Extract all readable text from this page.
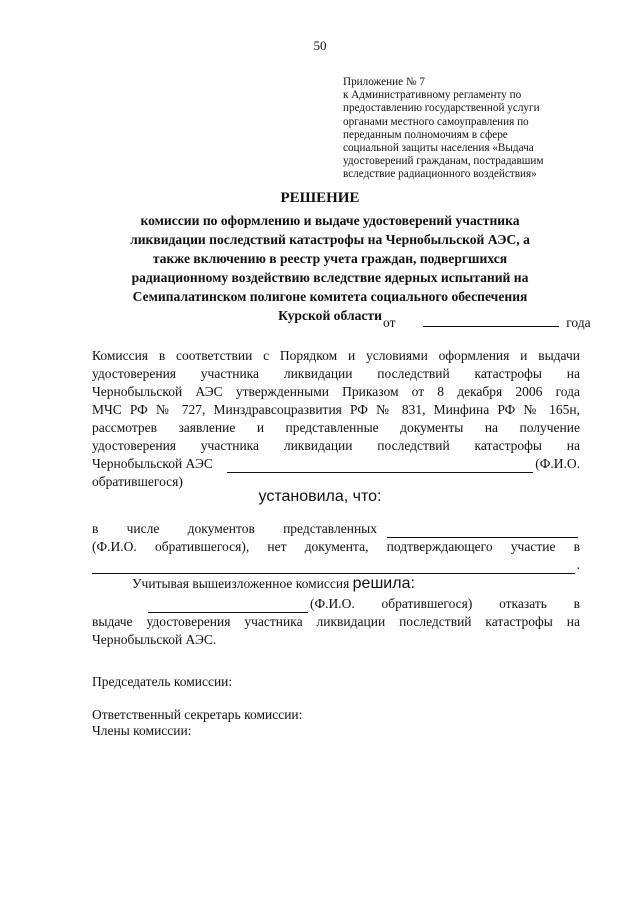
50
Приложение № 7
к Административному регламенту по
предоставлению государственной услуги
органами местного самоуправления по
переданным полномочиям в сфере
социальной защиты населения «Выдача
удостоверений гражданам, пострадавшим
вследствие радиационного воздействия»
РЕШЕНИЕ
комиссии по оформлению и выдаче удостоверений участника
ликвидации последствий катастрофы на Чернобыльской АЭС, а
также включению в реестр учета граждан, подвергшихся
радиационному воздействию вследствие ядерных испытаний на
Семипалатинском полигоне комитета социального обеспечения
Курской области от	года
Комиссия в соответствии с Порядком и условиями оформления и выдачи
удостоверения участника ликвидации последствий катастрофы на
Чернобыльской АЭС утвержденными Приказом от 8 декабря 2006 года
МЧС РФ № 727, Минздравсоцразвития РФ № 831, Минфина РФ № 165н,
рассмотрев заявление и представленные документы на получение
удостоверения участника ликвидации последствий катастрофы на
Чернобыльской АЭС	(Ф.И.О.
обратившегося)
установила, что:
в числе документов представленных
(Ф.И.О. обратившегося), нет документа, подтверждающего участие в
.
Учитывая вышеизложенное комиссия решила:
(Ф.И.О. обратившегося) отказать в
выдаче удостоверения участника ликвидации последствий катастрофы на
Чернобыльской АЭС.
Председатель комиссии:
Ответственный секретарь комиссии:
Члены комиссии:
